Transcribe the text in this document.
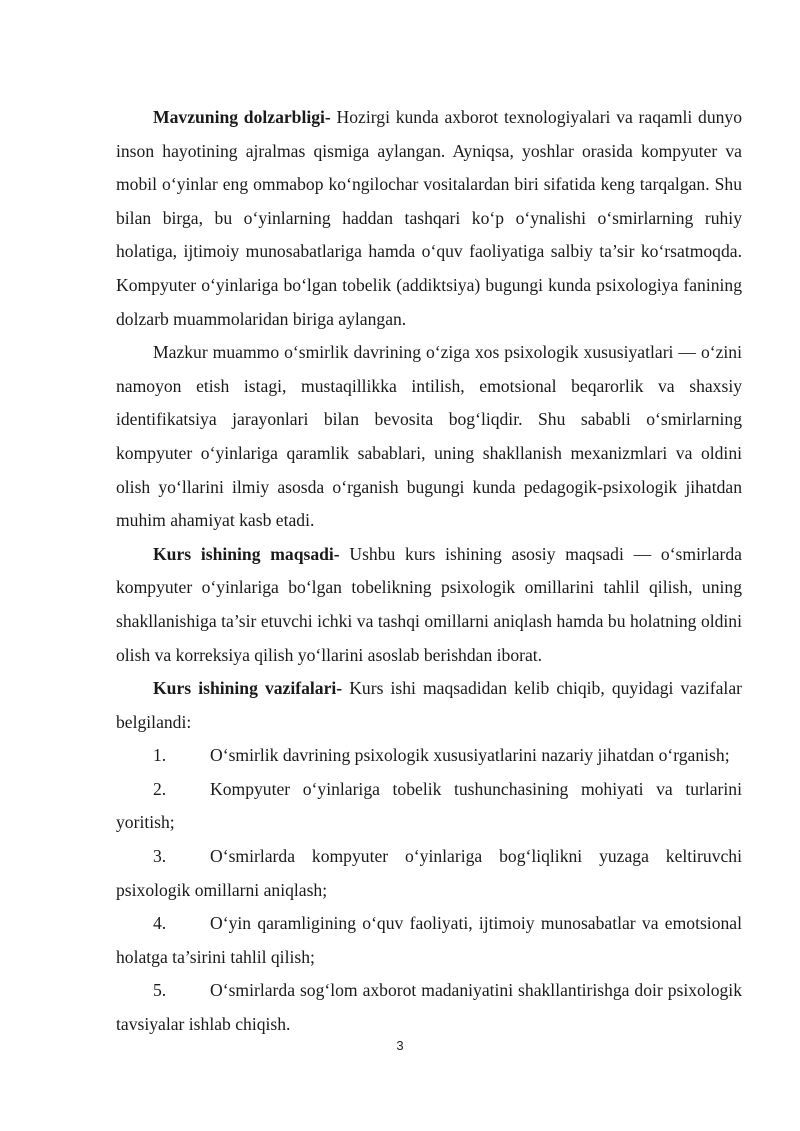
Mavzuning dolzarbligi- Hozirgi kunda axborot texnologiyalari va raqamli dunyo inson hayotining ajralmas qismiga aylangan. Ayniqsa, yoshlar orasida kompyuter va mobil o‘yinlar eng ommabop ko‘ngilochar vositalardan biri sifatida keng tarqalgan. Shu bilan birga, bu o‘yinlarning haddan tashqari ko‘p o‘ynalishi o‘smirlarning ruhiy holatiga, ijtimoiy munosabatlariga hamda o‘quv faoliyatiga salbiy ta’sir ko‘rsatmoqda. Kompyuter o‘yinlariga bo‘lgan tobelik (addiktsiya) bugungi kunda psixologiya fanining dolzarb muammolaridan biriga aylangan.

Mazkur muammo o‘smirlik davrining o‘ziga xos psixologik xususiyatlari — o‘zini namoyon etish istagi, mustaqillikka intilish, emotsional beqarorlik va shaxsiy identifikatsiya jarayonlari bilan bevosita bog‘liqdir. Shu sababli o‘smirlarning kompyuter o‘yinlariga qaramlik sabablari, uning shakllanish mexanizmlari va oldini olish yo‘llarini ilmiy asosda o‘rganish bugungi kunda pedagogik-psixologik jihatdan muhim ahamiyat kasb etadi.

Kurs ishining maqsadi- Ushbu kurs ishining asosiy maqsadi — o‘smirlarda kompyuter o‘yinlariga bo‘lgan tobelikning psixologik omillarini tahlil qilish, uning shakllanishiga ta’sir etuvchi ichki va tashqi omillarni aniqlash hamda bu holatning oldini olish va korreksiya qilish yo‘llarini asoslab berishdan iborat.

Kurs ishining vazifalari- Kurs ishi maqsadidan kelib chiqib, quyidagi vazifalar belgilandi:

1. O‘smirlik davrining psixologik xususiyatlarini nazariy jihatdan o‘rganish;

2. Kompyuter o‘yinlariga tobelik tushunchasining mohiyati va turlarini yoritish;

3. O‘smirlarda kompyuter o‘yinlariga bog‘liqlikni yuzaga keltiruvchi psixologik omillarni aniqlash;

4. O‘yin qaramligining o‘quv faoliyati, ijtimoiy munosabatlar va emotsional holatga ta’sirini tahlil qilish;

5. O‘smirlarda sog‘lom axborot madaniyatini shakllantirishga doir psixologik tavsiyalar ishlab chiqish.

3
